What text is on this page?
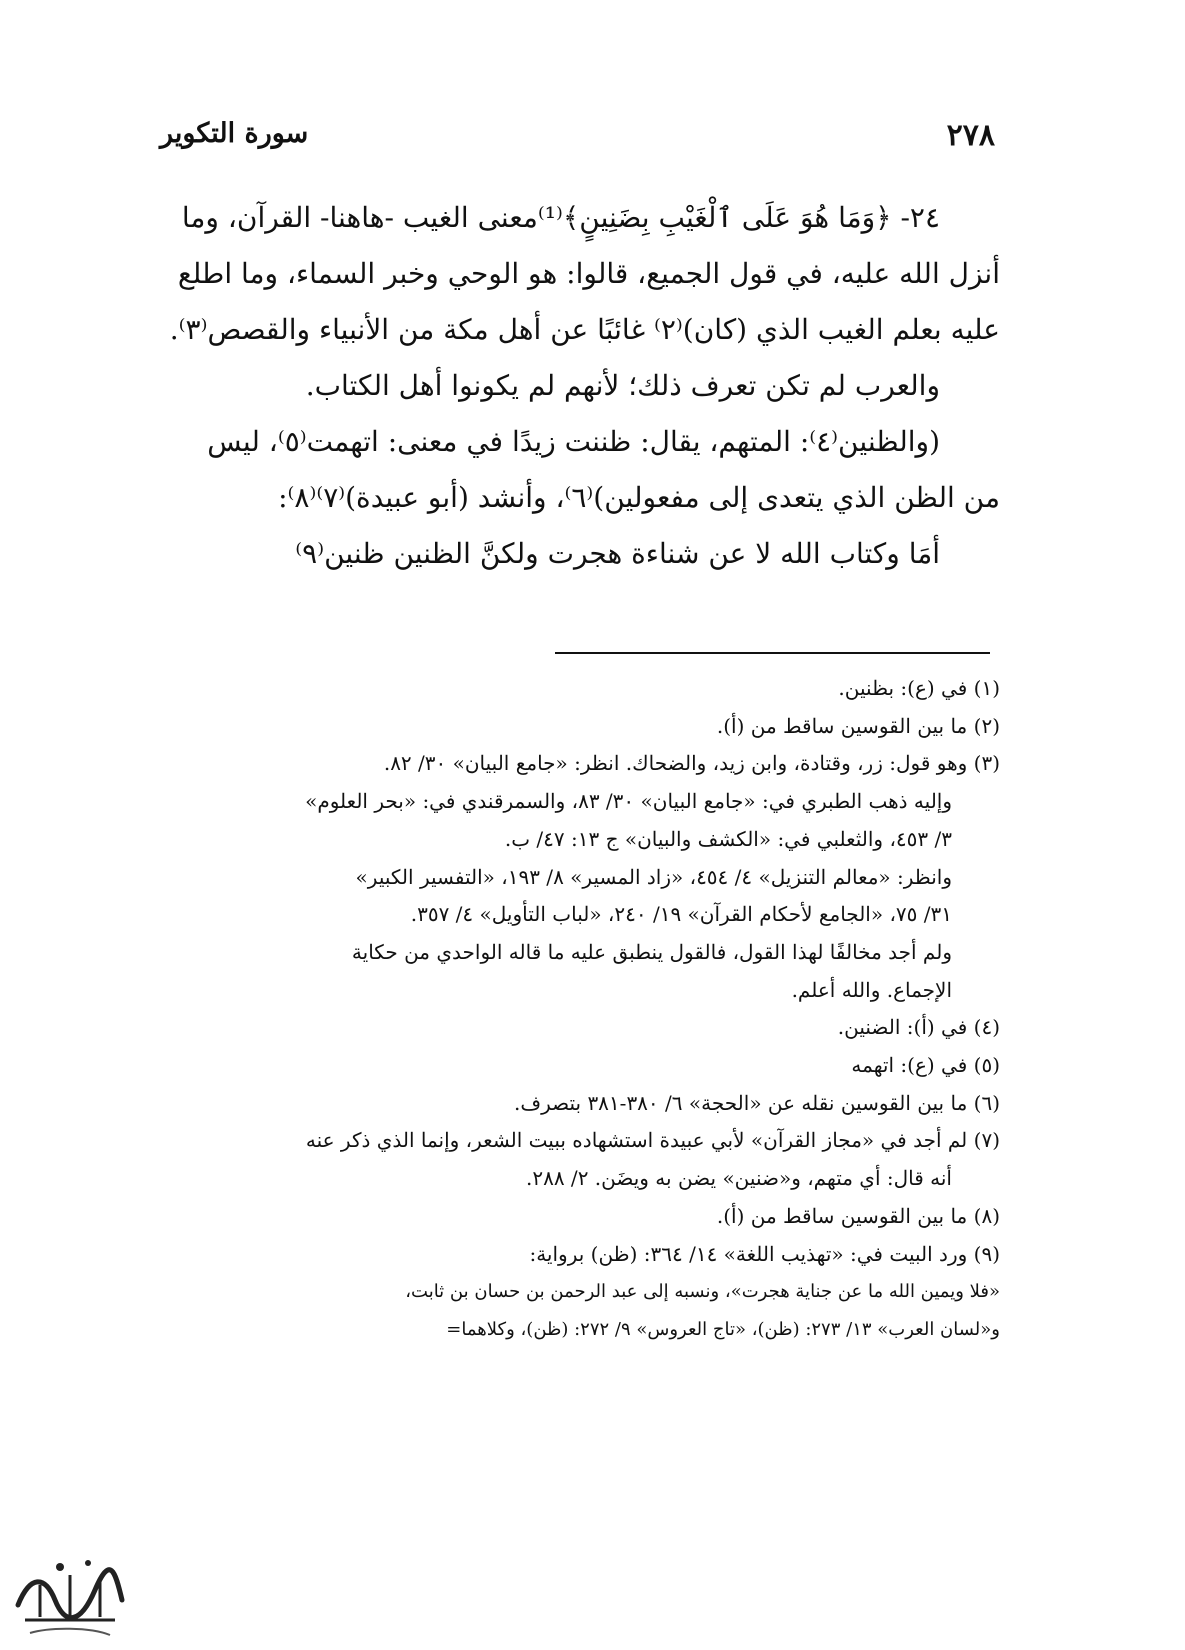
٢٧٨
سورة التكوير

٢٤- ﴿وَمَا هُوَ عَلَى ٱلْغَيْبِ بِضَنِينٍ﴾⁽¹⁾معنى الغيب -هاهنا- القرآن، وما

أنزل الله عليه، في قول الجميع، قالوا: هو الوحي وخبر السماء، وما اطلع

عليه بعلم الغيب الذي (كان)⁽٢⁾ غائبًا عن أهل مكة من الأنبياء والقصص⁽٣⁾.

والعرب لم تكن تعرف ذلك؛ لأنهم لم يكونوا أهل الكتاب.

(والظنين⁽٤⁾: المتهم، يقال: ظننت زيدًا في معنى: اتهمت⁽٥⁾، ليس

من الظن الذي يتعدى إلى مفعولين)⁽٦⁾، وأنشد (أبو عبيدة)⁽٧⁾⁽٨⁾:

أمَا وكتاب الله لا عن شناءة هجرت ولكنَّ الظنين ظنين⁽٩⁾

(١) في (ع): بظنين.

(٢) ما بين القوسين ساقط من (أ).

(٣) وهو قول: زر، وقتادة، وابن زيد، والضحاك. انظر: «جامع البيان» ٣٠/ ٨٢.

وإليه ذهب الطبري في: «جامع البيان» ٣٠/ ٨٣، والسمرقندي في: «بحر العلوم»

٣/ ٤٥٣، والثعلبي في: «الكشف والبيان» ج ١٣: ٤٧/ ب.

وانظر: «معالم التنزيل» ٤/ ٤٥٤، «زاد المسير» ٨/ ١٩٣، «التفسير الكبير»

٣١/ ٧٥، «الجامع لأحكام القرآن» ١٩/ ٢٤٠، «لباب التأويل» ٤/ ٣٥٧.

ولم أجد مخالفًا لهذا القول، فالقول ينطبق عليه ما قاله الواحدي من حكاية

الإجماع. والله أعلم.

(٤) في (أ): الضنين.

(٥) في (ع): اتهمه

(٦) ما بين القوسين نقله عن «الحجة» ٦/ ٣٨٠-٣٨١ بتصرف.

(٧) لم أجد في «مجاز القرآن» لأبي عبيدة استشهاده ببيت الشعر، وإنما الذي ذكر عنه

أنه قال: أي متهم، و«ضنين» يضن به ويضَن. ٢/ ٢٨٨.

(٨) ما بين القوسين ساقط من (أ).

(٩) ورد البيت في: «تهذيب اللغة» ١٤/ ٣٦٤: (ظن) برواية:

«فلا ويمين الله ما عن جناية هجرت»، ونسبه إلى عبد الرحمن بن حسان بن ثابت،

و«لسان العرب» ١٣/ ٢٧٣: (ظن)، «تاج العروس» ٩/ ٢٧٢: (ظن)، وكلاهما=
